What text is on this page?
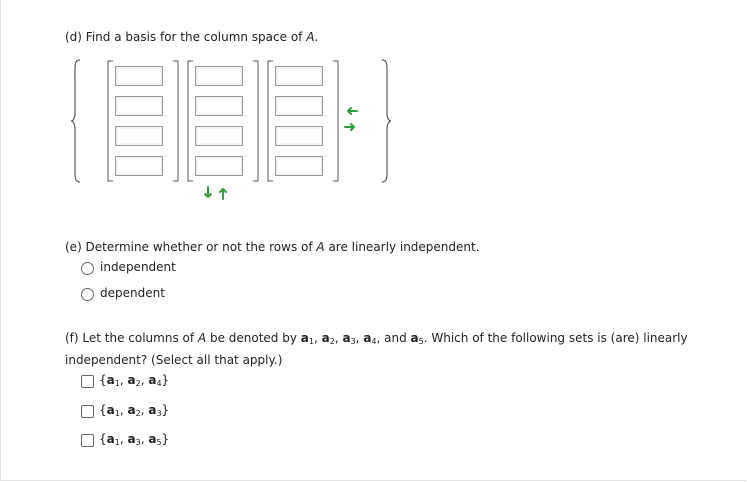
(d) Find a basis for the column space of A.
(e) Determine whether or not the rows of A are linearly independent.
independent
dependent
(f) Let the columns of A be denoted by $a_1$, $a_2$, $a_3$, $a_4$, and $a_5$. Which of the following sets is (are) linearly
independent? (Select all that apply.)
{$a_1$, $a_2$, $a_4$}
{$a_1$, $a_2$, $a_3$}
{$a_1$, $a_3$, $a_5$}
